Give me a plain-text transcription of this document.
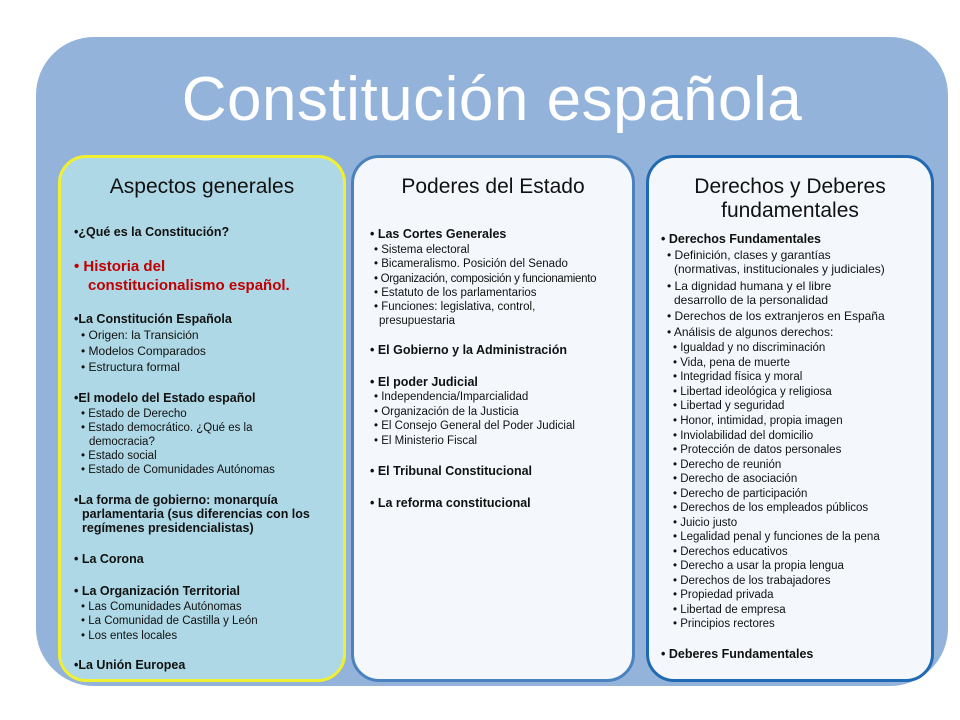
Constitución española
Aspectos generales
•¿Qué es la Constitución?
• Historia del
constitucionalismo español.
•La Constitución Española
• Origen: la Transición
• Modelos Comparados
• Estructura formal
•El modelo del Estado español
• Estado de Derecho
• Estado democrático. ¿Qué es la
democracia?
• Estado social
• Estado de Comunidades Autónomas
•La forma de gobierno: monarquía
parlamentaria (sus diferencias con los
regímenes presidencialistas)
• La Corona
• La Organización Territorial
• Las Comunidades Autónomas
• La Comunidad de Castilla y León
• Los entes locales
•La Unión Europea
Poderes del Estado
• Las Cortes Generales
• Sistema electoral
• Bicameralismo. Posición del Senado
• Organización, composición y funcionamiento
• Estatuto de los parlamentarios
• Funciones: legislativa, control,
presupuestaria
• El Gobierno y la Administración
• El poder Judicial
• Independencia/Imparcialidad
• Organización de la Justicia
• El Consejo General del Poder Judicial
• El Ministerio Fiscal
• El Tribunal Constitucional
• La reforma constitucional
Derechos y Deberes
fundamentales
• Derechos Fundamentales
• Definición, clases y garantías
(normativas, institucionales y judiciales)
• La dignidad humana y el libre
desarrollo de la personalidad
• Derechos de los extranjeros en España
• Análisis de algunos derechos:
• Igualdad y no discriminación
• Vida, pena de muerte
• Integridad física y moral
• Libertad ideológica y religiosa
• Libertad y seguridad
• Honor, intimidad, propia imagen
• Inviolabilidad del domicilio
• Protección de datos personales
• Derecho de reunión
• Derecho de asociación
• Derecho de participación
• Derechos de los empleados públicos
• Juicio justo
• Legalidad penal y funciones de la pena
• Derechos educativos
• Derecho a usar la propia lengua
• Derechos de los trabajadores
• Propiedad privada
• Libertad de empresa
• Principios rectores
• Deberes Fundamentales
